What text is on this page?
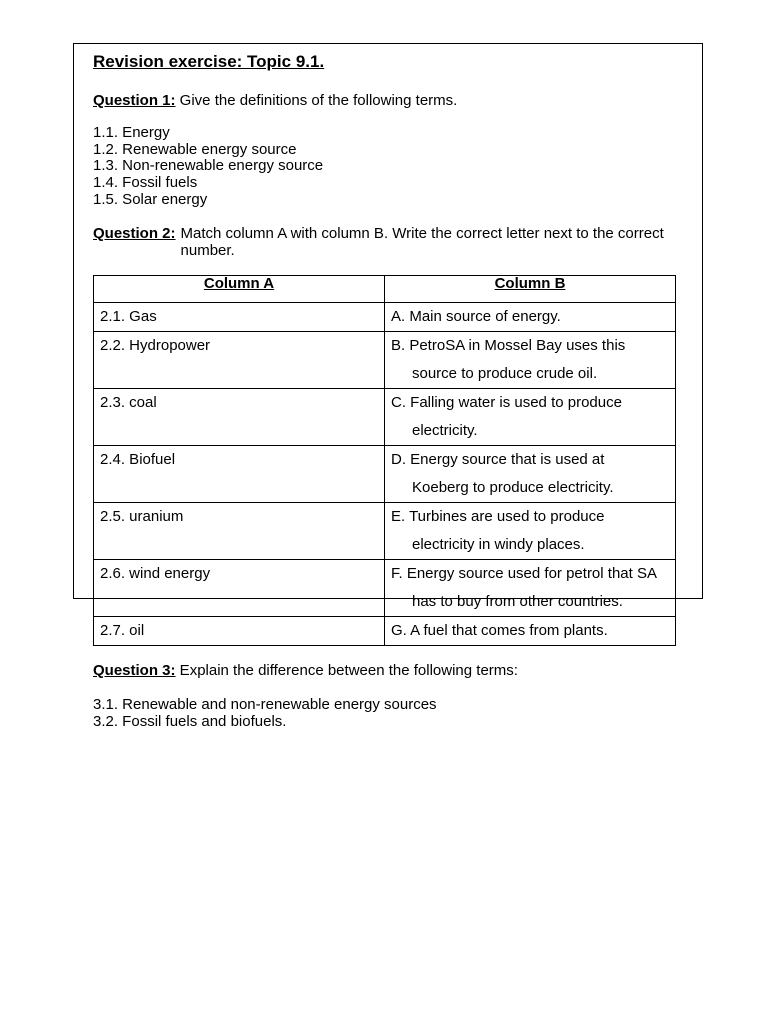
Revision exercise: Topic 9.1.

Question 1: Give the definitions of the following terms.

1.1. Energy
1.2. Renewable energy source
1.3. Non-renewable energy source
1.4. Fossil fuels
1.5. Solar energy
Question 2: Match column A with column B. Write the correct letter next to the correct number.
Column A	Column B
2.1. Gas	A. Main source of energy.

2.2. Hydropower	B. PetroSA in Mossel Bay uses this
source to produce crude oil.

2.3. coal	C. Falling water is used to produce
electricity.

2.4. Biofuel	D. Energy source that is used at
Koeberg to produce electricity.

2.5. uranium	E. Turbines are used to produce
electricity in windy places.

2.6. wind energy	F. Energy source used for petrol that SA
has to buy from other countries.

2.7. oil	G. A fuel that comes from plants.

Question 3: Explain the difference between the following terms:

3.1. Renewable and non-renewable energy sources
3.2. Fossil fuels and biofuels.
